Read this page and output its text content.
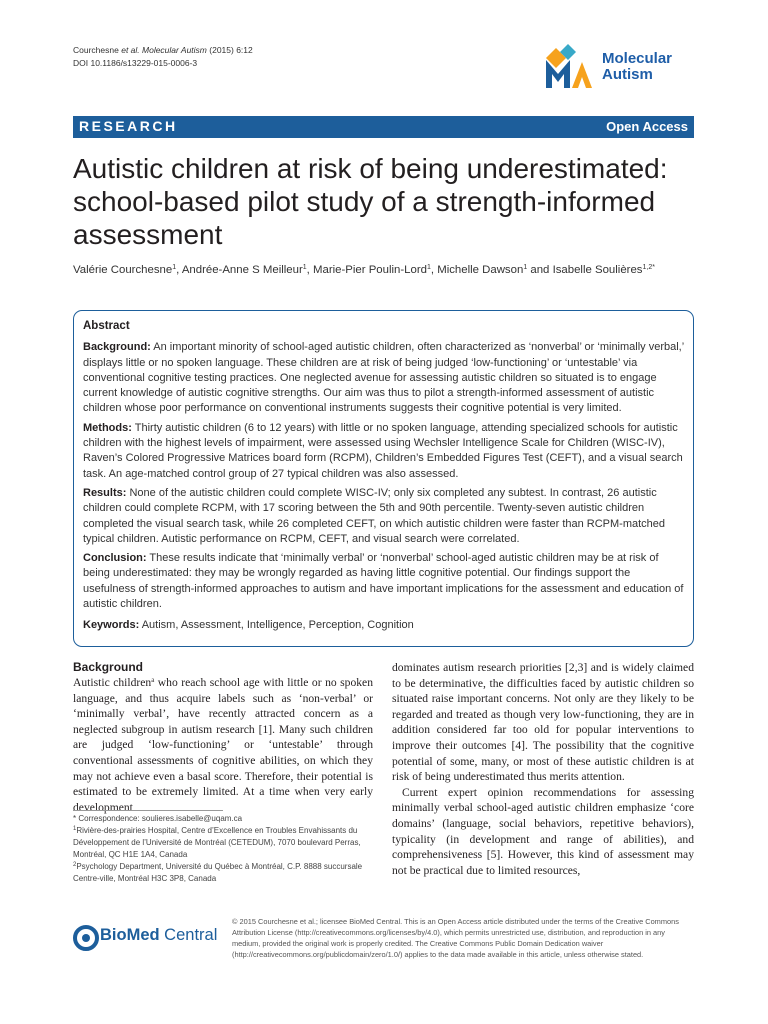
Courchesne et al. Molecular Autism (2015) 6:12
DOI 10.1186/s13229-015-0006-3	Molecular
Autism
RESEARCH	Open Access
Autistic children at risk of being underestimated: school-based pilot study of a strength-informed assessment
Valérie Courchesne$^1$, Andrée-Anne S Meilleur$^1$, Marie-Pier Poulin-Lord$^1$, Michelle Dawson$^1$ and Isabelle Soulières$^{1,2*}$
Abstract

Background: An important minority of school-aged autistic children, often characterized as ‘nonverbal’ or ‘minimally verbal,’ displays little or no spoken language. These children are at risk of being judged ‘low-functioning’ or ‘untestable’ via conventional cognitive testing practices. One neglected avenue for assessing autistic children so situated is to engage current knowledge of autistic cognitive strengths. Our aim was thus to pilot a strength-informed assessment of autistic children whose poor performance on conventional instruments suggests their cognitive potential is very limited.

Methods: Thirty autistic children (6 to 12 years) with little or no spoken language, attending specialized schools for autistic children with the highest levels of impairment, were assessed using Wechsler Intelligence Scale for Children (WISC-IV), Raven’s Colored Progressive Matrices board form (RCPM), Children’s Embedded Figures Test (CEFT), and a visual search task. An age-matched control group of 27 typical children was also assessed.

Results: None of the autistic children could complete WISC-IV; only six completed any subtest. In contrast, 26 autistic children could complete RCPM, with 17 scoring between the 5th and 90th percentile. Twenty-seven autistic children completed the visual search task, while 26 completed CEFT, on which autistic children were faster than RCPM-matched typical children. Autistic performance on RCPM, CEFT, and visual search were correlated.

Conclusion: These results indicate that ‘minimally verbal’ or ‘nonverbal’ school-aged autistic children may be at risk of being underestimated: they may be wrongly regarded as having little cognitive potential. Our findings support the usefulness of strength-informed approaches to autism and have important implications for the assessment and education of autistic children.

Keywords: Autism, Assessment, Intelligence, Perception, Cognition

Background

Autistic children$^a$ who reach school age with little or no spoken language, and thus acquire labels such as ‘non-verbal’ or ‘minimally verbal’, have recently attracted concern as a neglected subgroup in autism research [1]. Many such children are judged ‘low-functioning’ or ‘untestable’ through conventional assessments of cognitive abilities, on which they may not achieve even a basal score. Therefore, their potential is estimated to be extremely limited. At a time when very early development

dominates autism research priorities [2,3] and is widely claimed to be determinative, the difficulties faced by autistic children so situated raise important concerns. Not only are they likely to be regarded and treated as though very low-functioning, they are in addition considered far too old for popular interventions to improve their outcomes [4]. The possibility that the cognitive potential of some, many, or most of these autistic children is at risk of being underestimated thus merits attention.

Current expert opinion recommendations for assessing minimally verbal school-aged autistic children emphasize ‘core domains’ (language, social behaviors, repetitive behaviors), typicality (in development and range of abilities), and comprehensiveness [5]. However, this kind of assessment may not be practical due to limited resources,

* Correspondence: soulieres.isabelle@uqam.ca
$^1$Rivière-des-prairies Hospital, Centre d’Excellence en Troubles Envahissants du Développement de l’Université de Montréal (CETEDUM), 7070 boulevard Perras, Montréal, QC H1E 1A4, Canada
$^2$Psychology Department, Université du Québec à Montréal, C.P. 8888 succursale Centre-ville, Montréal H3C 3P8, Canada
BioMed Central
© 2015 Courchesne et al.; licensee BioMed Central. This is an Open Access article distributed under the terms of the Creative Commons Attribution License (http://creativecommons.org/licenses/by/4.0), which permits unrestricted use, distribution, and reproduction in any medium, provided the original work is properly credited. The Creative Commons Public Domain Dedication waiver (http://creativecommons.org/publicdomain/zero/1.0/) applies to the data made available in this article, unless otherwise stated.
